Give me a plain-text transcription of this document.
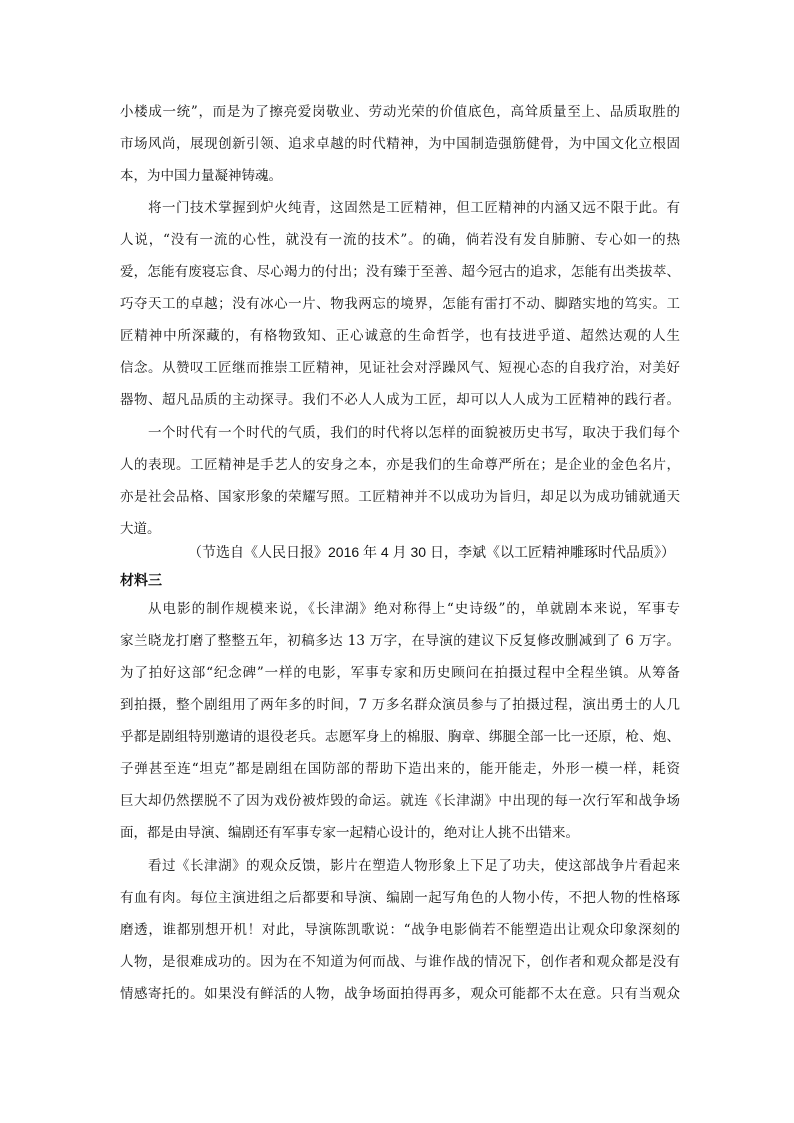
小楼成一统”，而是为了擦亮爱岗敬业、劳动光荣的价值底色，高耸质量至上、品质取胜的
市场风尚，展现创新引领、追求卓越的时代精神，为中国制造强筋健骨，为中国文化立根固
本，为中国力量凝神铸魂。
将一门技术掌握到炉火纯青，这固然是工匠精神，但工匠精神的内涵又远不限于此。有
人说，“没有一流的心性，就没有一流的技术”。的确，倘若没有发自肺腑、专心如一的热
爱，怎能有废寝忘食、尽心竭力的付出；没有臻于至善、超今冠古的追求，怎能有出类拔萃、
巧夺天工的卓越；没有冰心一片、物我两忘的境界，怎能有雷打不动、脚踏实地的笃实。工
匠精神中所深藏的，有格物致知、正心诚意的生命哲学，也有技进乎道、超然达观的人生
信念。从赞叹工匠继而推崇工匠精神，见证社会对浮躁风气、短视心态的自我疗治，对美好
器物、超凡品质的主动探寻。我们不必人人成为工匠，却可以人人成为工匠精神的践行者。
一个时代有一个时代的气质，我们的时代将以怎样的面貌被历史书写，取决于我们每个
人的表现。工匠精神是手艺人的安身之本，亦是我们的生命尊严所在；是企业的金色名片，
亦是社会品格、国家形象的荣耀写照。工匠精神并不以成功为旨归，却足以为成功铺就通天
大道。
（节选自《人民日报》2016 年 4 月 30 日，李斌《以工匠精神雕琢时代品质》）
材料三
从电影的制作规模来说，《长津湖》绝对称得上“史诗级”的，单就剧本来说，军事专
家兰晓龙打磨了整整五年，初稿多达 13 万字，在导演的建议下反复修改删减到了 6 万字。
为了拍好这部“纪念碑”一样的电影，军事专家和历史顾问在拍摄过程中全程坐镇。从筹备
到拍摄，整个剧组用了两年多的时间，7 万多名群众演员参与了拍摄过程，演出勇士的人几
乎都是剧组特别邀请的退役老兵。志愿军身上的棉服、胸章、绑腿全部一比一还原，枪、炮、
子弹甚至连“坦克”都是剧组在国防部的帮助下造出来的，能开能走，外形一模一样，耗资
巨大却仍然摆脱不了因为戏份被炸毁的命运。就连《长津湖》中出现的每一次行军和战争场
面，都是由导演、编剧还有军事专家一起精心设计的，绝对让人挑不出错来。
看过《长津湖》的观众反馈，影片在塑造人物形象上下足了功夫，使这部战争片看起来
有血有肉。每位主演进组之后都要和导演、编剧一起写角色的人物小传，不把人物的性格琢
磨透，谁都别想开机！对此，导演陈凯歌说：“战争电影倘若不能塑造出让观众印象深刻的
人物，是很难成功的。因为在不知道为何而战、与谁作战的情况下，创作者和观众都是没有
情感寄托的。如果没有鲜活的人物，战争场面拍得再多，观众可能都不太在意。只有当观众
